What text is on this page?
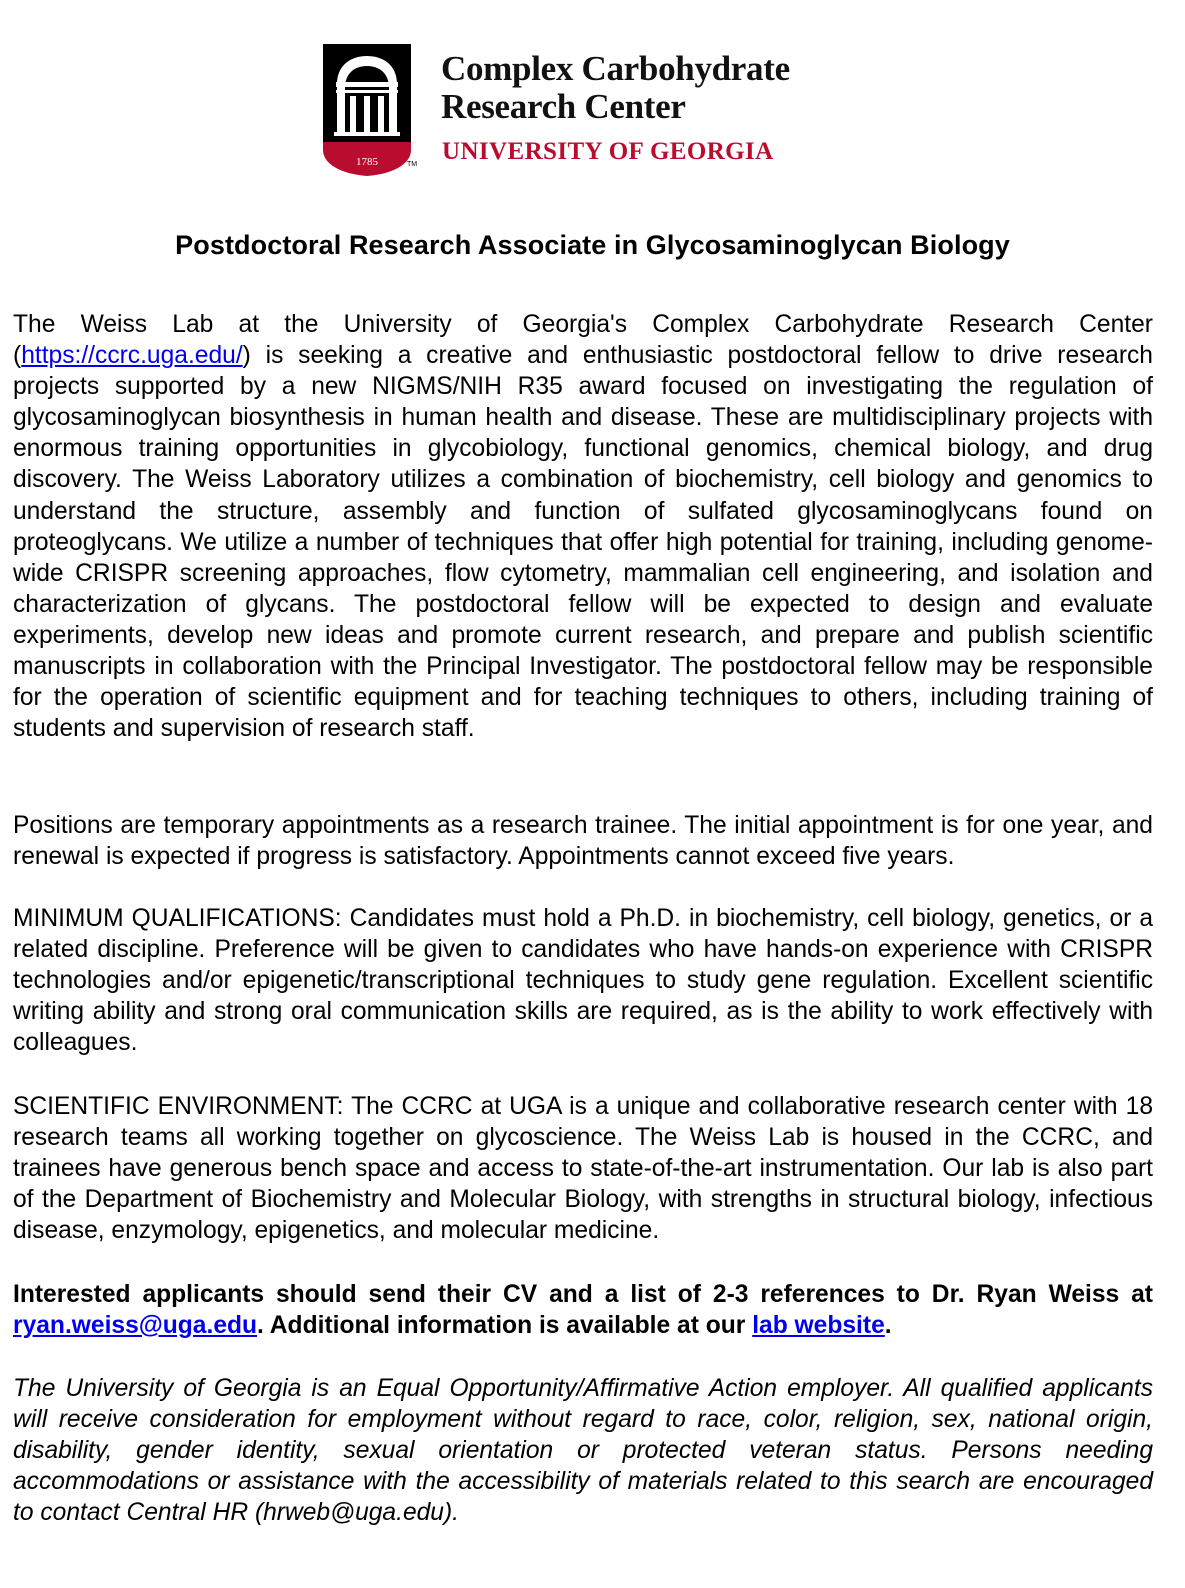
1785	TM
Complex Carbohydrate
Research Center
UNIVERSITY OF GEORGIA
Postdoctoral Research Associate in Glycosaminoglycan Biology

The Weiss Lab at the University of Georgia's Complex Carbohydrate Research Center (https://ccrc.uga.edu/) is seeking a creative and enthusiastic postdoctoral fellow to drive research projects supported by a new NIGMS/NIH R35 award focused on investigating the regulation of glycosaminoglycan biosynthesis in human health and disease. These are multidisciplinary projects with enormous training opportunities in glycobiology, functional genomics, chemical biology, and drug discovery. The Weiss Laboratory utilizes a combination of biochemistry, cell biology and genomics to understand the structure, assembly and function of sulfated glycosaminoglycans found on proteoglycans. We utilize a number of techniques that offer high potential for training, including genome-wide CRISPR screening approaches, flow cytometry, mammalian cell engineering, and isolation and characterization of glycans. The postdoctoral fellow will be expected to design and evaluate experiments, develop new ideas and promote current research, and prepare and publish scientific manuscripts in collaboration with the Principal Investigator. The postdoctoral fellow may be responsible for the operation of scientific equipment and for teaching techniques to others, including training of students and supervision of research staff.

Positions are temporary appointments as a research trainee. The initial appointment is for one year, and renewal is expected if progress is satisfactory. Appointments cannot exceed five years.

MINIMUM QUALIFICATIONS: Candidates must hold a Ph.D. in biochemistry, cell biology, genetics, or a related discipline. Preference will be given to candidates who have hands-on experience with CRISPR technologies and/or epigenetic/transcriptional techniques to study gene regulation. Excellent scientific writing ability and strong oral communication skills are required, as is the ability to work effectively with colleagues.

SCIENTIFIC ENVIRONMENT: The CCRC at UGA is a unique and collaborative research center with 18 research teams all working together on glycoscience. The Weiss Lab is housed in the CCRC, and trainees have generous bench space and access to state-of-the-art instrumentation. Our lab is also part of the Department of Biochemistry and Molecular Biology, with strengths in structural biology, infectious disease, enzymology, epigenetics, and molecular medicine.

Interested applicants should send their CV and a list of 2-3 references to Dr. Ryan Weiss at ryan.weiss@uga.edu. Additional information is available at our lab website.

The University of Georgia is an Equal Opportunity/Affirmative Action employer. All qualified applicants will receive consideration for employment without regard to race, color, religion, sex, national origin, disability, gender identity, sexual orientation or protected veteran status. Persons needing accommodations or assistance with the accessibility of materials related to this search are encouraged to contact Central HR (hrweb@uga.edu).
